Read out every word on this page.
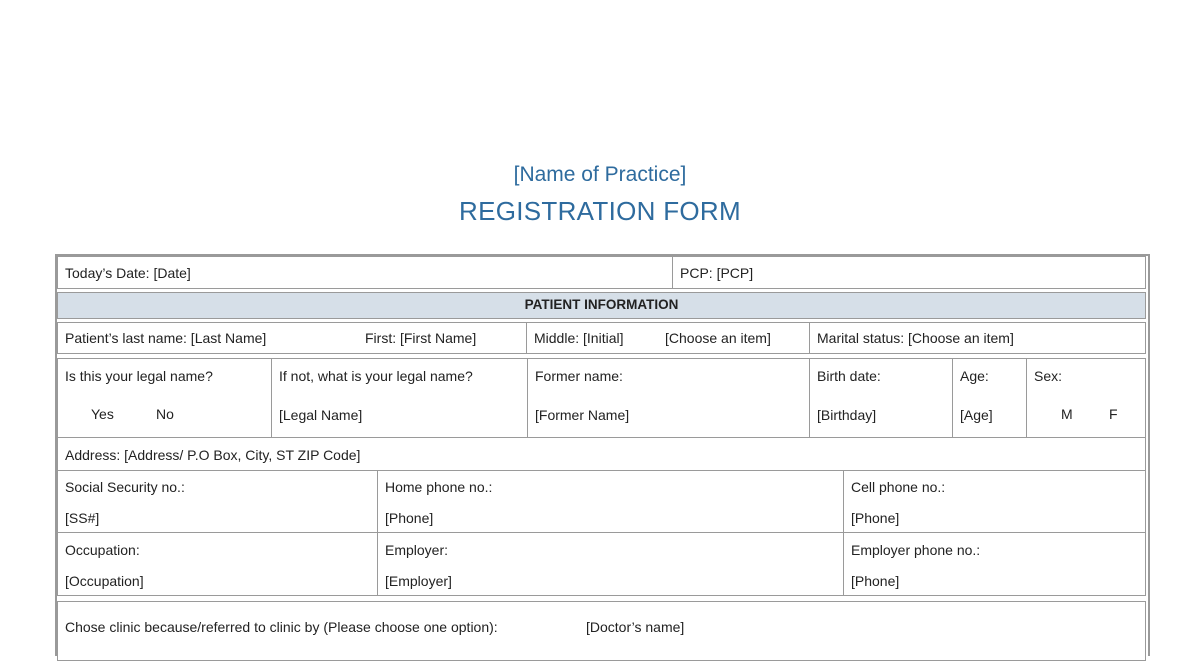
[Name of Practice]
REGISTRATION FORM
Today’s Date: [Date]	PCP: [PCP]
PATIENT INFORMATION
Patient’s last name: [Last Name]	First: [First Name]	Middle: [Initial]	[Choose an item]	Marital status: [Choose an item]
Is this your legal name?
Yes	No
If not, what is your legal name?
[Legal Name]
Former name:
[Former Name]
Birth date:
[Birthday]
Age:
[Age]
Sex:
M	F
Address: [Address/ P.O Box, City, ST ZIP Code]
Social Security no.:
[SS#]
Home phone no.:
[Phone]
Cell phone no.:
[Phone]
Occupation:
[Occupation]
Employer:
[Employer]
Employer phone no.:
[Phone]
Chose clinic because/referred to clinic by (Please choose one option):	[Doctor’s name]
